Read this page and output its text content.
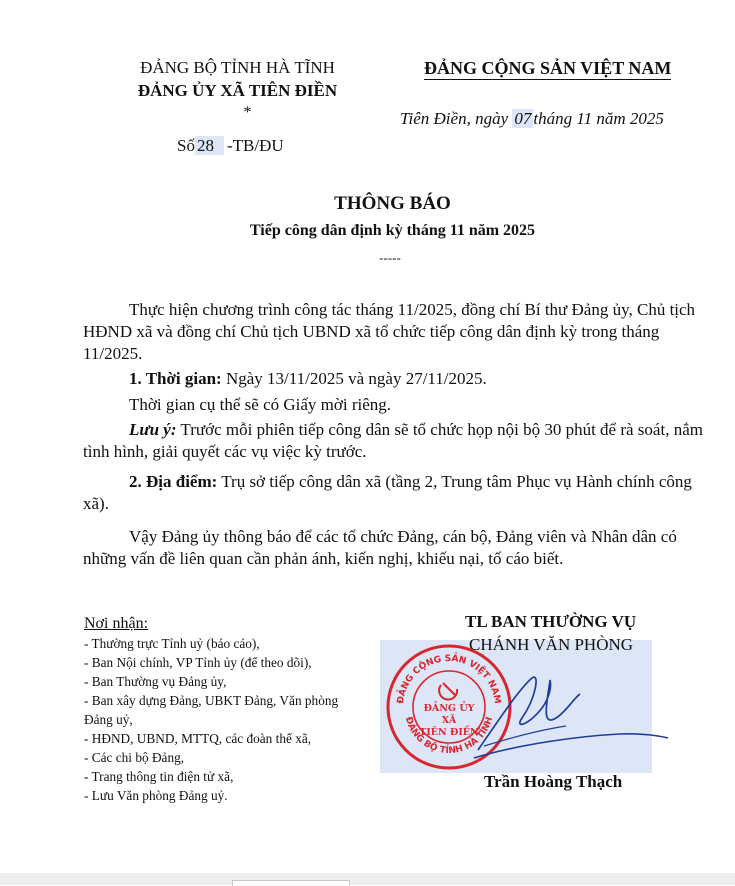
ĐẢNG BỘ TỈNH HÀ TĨNH
ĐẢNG ỦY XÃ TIÊN ĐIỀN
*
Số 28 -TB/ĐU
ĐẢNG CỘNG SẢN VIỆT NAM
Tiên Điền, ngày 07 tháng 11 năm 2025
THÔNG BÁO
Tiếp công dân định kỳ tháng 11 năm 2025
-----

Thực hiện chương trình công tác tháng 11/2025, đồng chí Bí thư Đảng ủy, Chủ tịch HĐND xã và đồng chí Chủ tịch UBND xã tổ chức tiếp công dân định kỳ trong tháng 11/2025.

1. Thời gian: Ngày 13/11/2025 và ngày 27/11/2025.

Thời gian cụ thể sẽ có Giấy mời riêng.

Lưu ý: Trước mỗi phiên tiếp công dân sẽ tổ chức họp nội bộ 30 phút để rà soát, nắm tình hình, giải quyết các vụ việc kỳ trước.

2. Địa điểm: Trụ sở tiếp công dân xã (tầng 2, Trung tâm Phục vụ Hành chính công xã).

Vậy Đảng ủy thông báo để các tổ chức Đảng, cán bộ, Đảng viên và Nhân dân có những vấn đề liên quan cần phản ánh, kiến nghị, khiếu nại, tố cáo biết.

Nơi nhận:
- Thường trực Tỉnh uỷ (báo cáo),
- Ban Nội chính, VP Tỉnh ủy (để theo dõi),
- Ban Thường vụ Đảng ủy,
- Ban xây dựng Đảng, UBKT Đảng, Văn phòng
Đảng uỷ,
- HĐND, UBND, MTTQ, các đoàn thể xã,
- Các chi bộ Đảng,
- Trang thông tin điện tử xã,
- Lưu Văn phòng Đảng uỷ.
TL BAN THƯỜNG VỤ
CHÁNH VĂN PHÒNG
ĐẢNG CỘNG SẢN VIỆT NAM
ĐẢNG BỘ TỈNH HÀ TĨNH
ĐẢNG ỦY
XÃ
TIÊN ĐIỀN
Trần Hoàng Thạch
